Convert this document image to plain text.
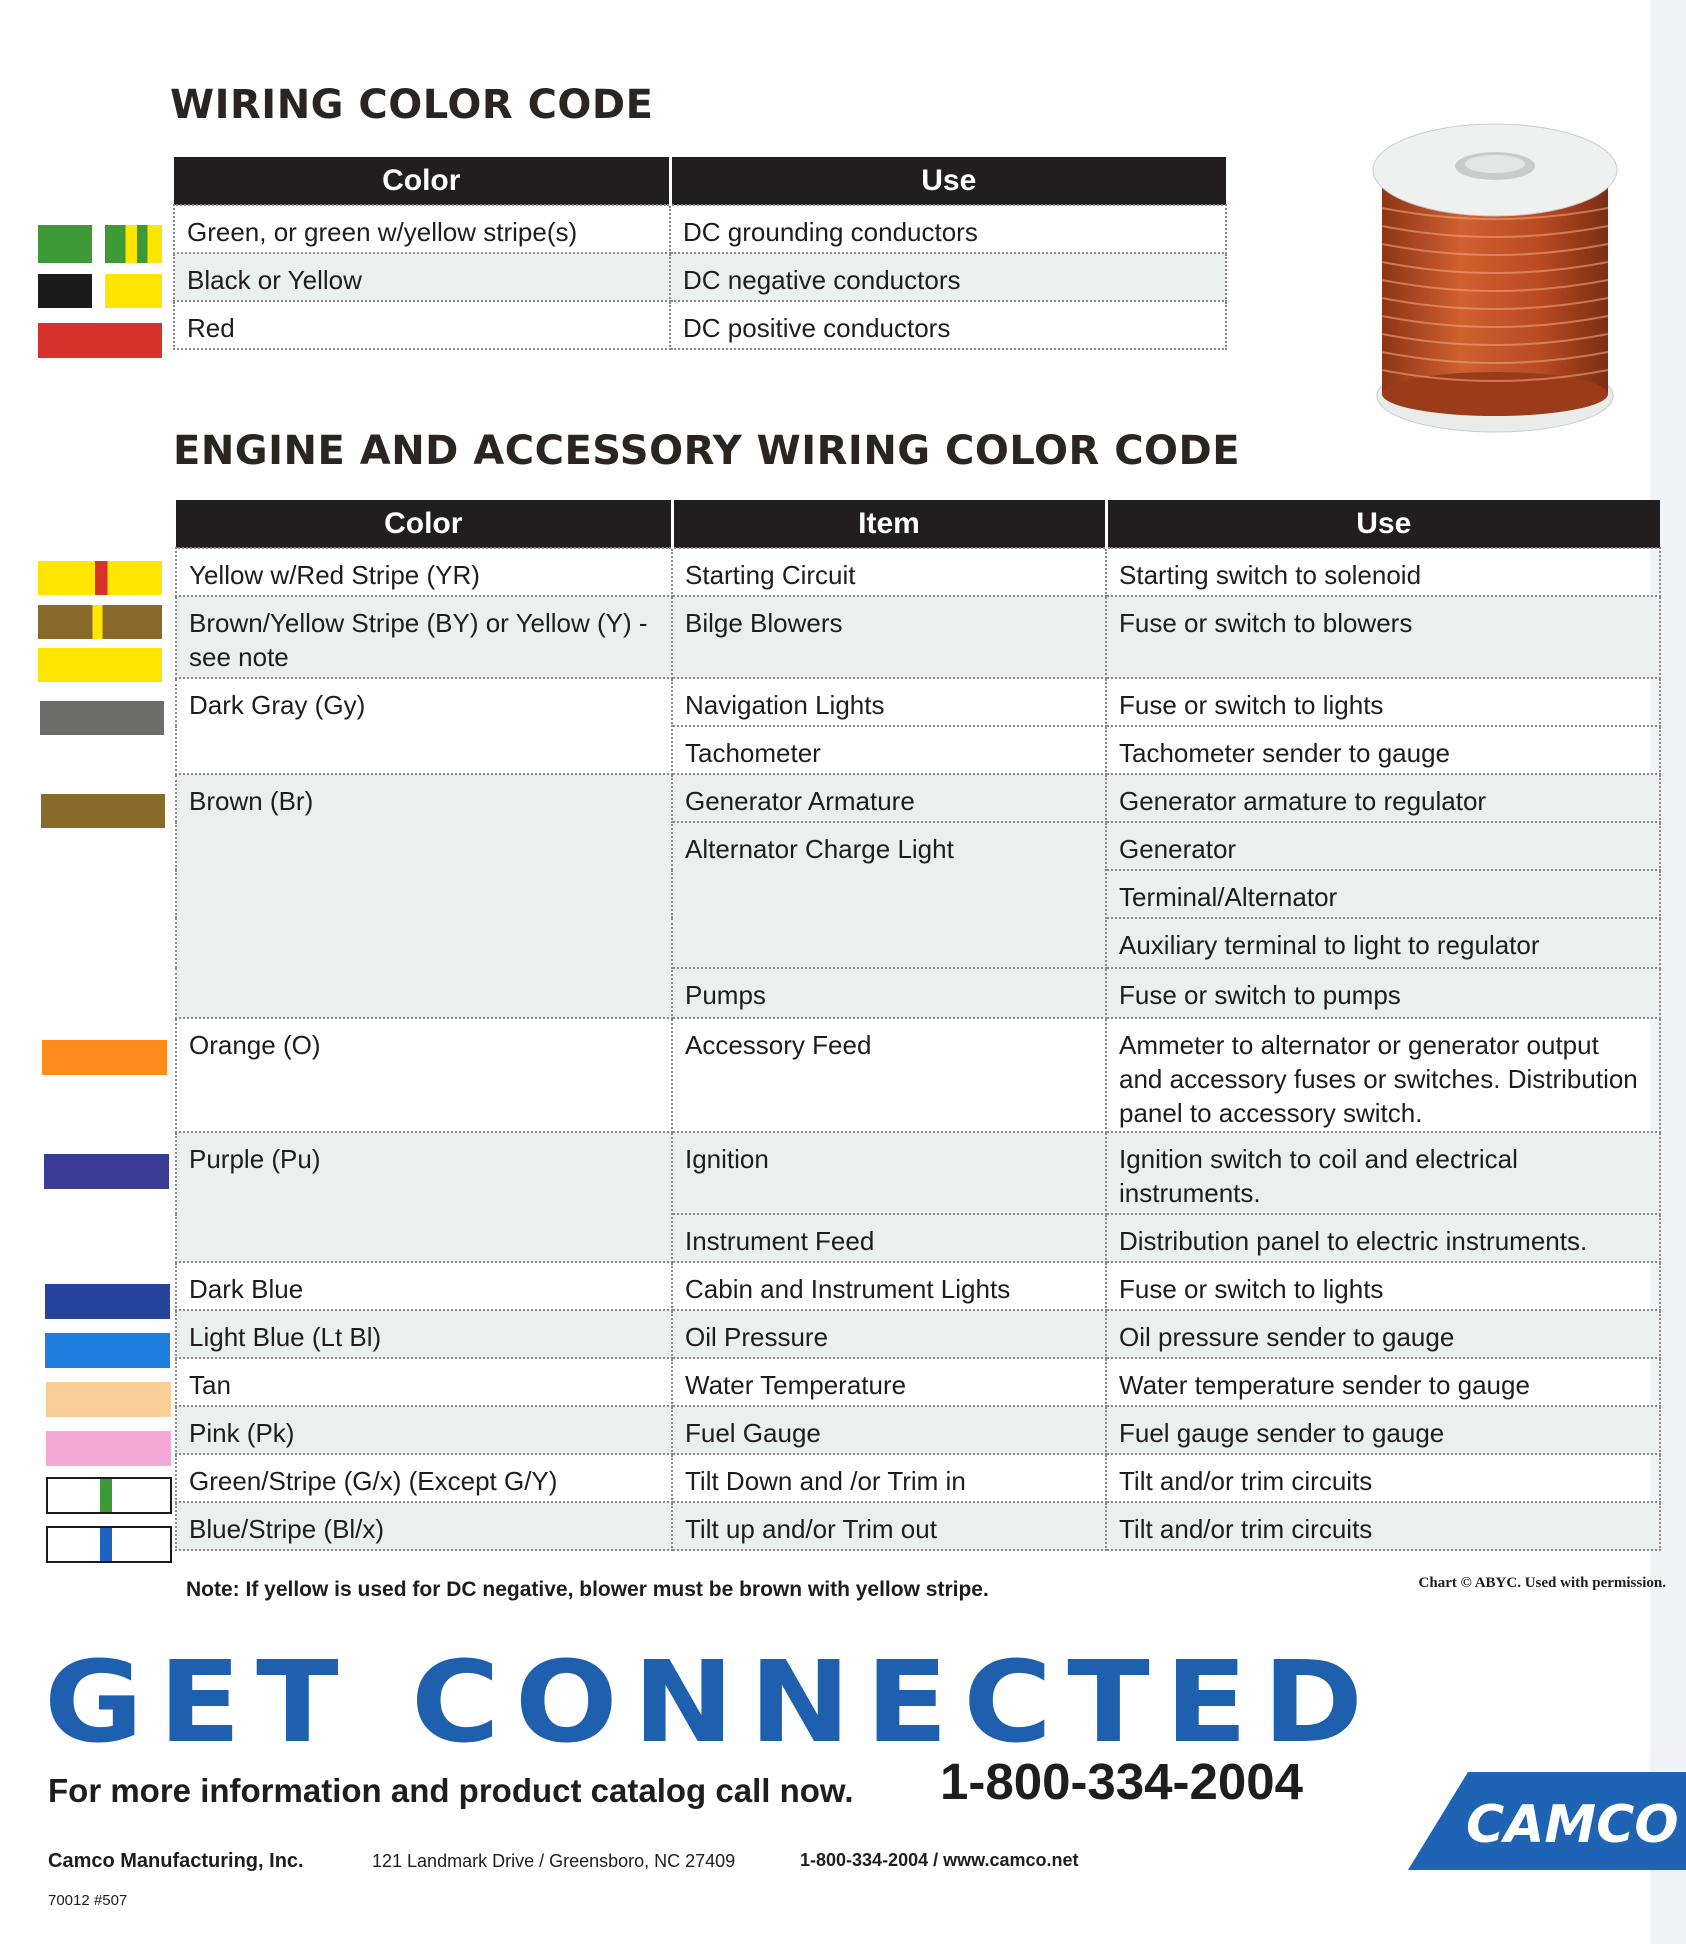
WIRING COLOR CODE
Color	Use
Green, or green w/yellow stripe(s)	DC grounding conductors
Black or Yellow	DC negative conductors
Red	DC positive conductors
ENGINE AND ACCESSORY WIRING COLOR CODE
Color	Item	Use
Yellow w/Red Stripe (YR)	Starting Circuit	Starting switch to solenoid
Brown/Yellow Stripe (BY) or Yellow (Y) - see note	Bilge Blowers	Fuse or switch to blowers
Dark Gray (Gy)	Navigation Lights	Fuse or switch to lights
	Tachometer	Tachometer sender to gauge
Brown (Br)	Generator Armature	Generator armature to regulator
	Alternator Charge Light	Generator
		Terminal/Alternator
		Auxiliary terminal to light to regulator
	Pumps	Fuse or switch to pumps
Orange (O)	Accessory Feed	Ammeter to alternator or generator output and accessory fuses or switches. Distribution panel to accessory switch.
Purple (Pu)	Ignition	Ignition switch to coil and electrical instruments.
	Instrument Feed	Distribution panel to electric instruments.
Dark Blue	Cabin and Instrument Lights	Fuse or switch to lights
Light Blue (Lt Bl)	Oil Pressure	Oil pressure sender to gauge
Tan	Water Temperature	Water temperature sender to gauge
Pink (Pk)	Fuel Gauge	Fuel gauge sender to gauge
Green/Stripe (G/x) (Except G/Y)	Tilt Down and /or Trim in	Tilt and/or trim circuits
Blue/Stripe (Bl/x)	Tilt up and/or Trim out	Tilt and/or trim circuits
Note: If yellow is used for DC negative, blower must be brown with yellow stripe.	Chart © ABYC. Used with permission.
GET CONNECTED
For more information and product catalog call now. 1-800-334-2004
CAMCO
Camco Manufacturing, Inc.	121 Landmark Drive / Greensboro, NC 27409	1-800-334-2004 / www.camco.net
70012 #507
